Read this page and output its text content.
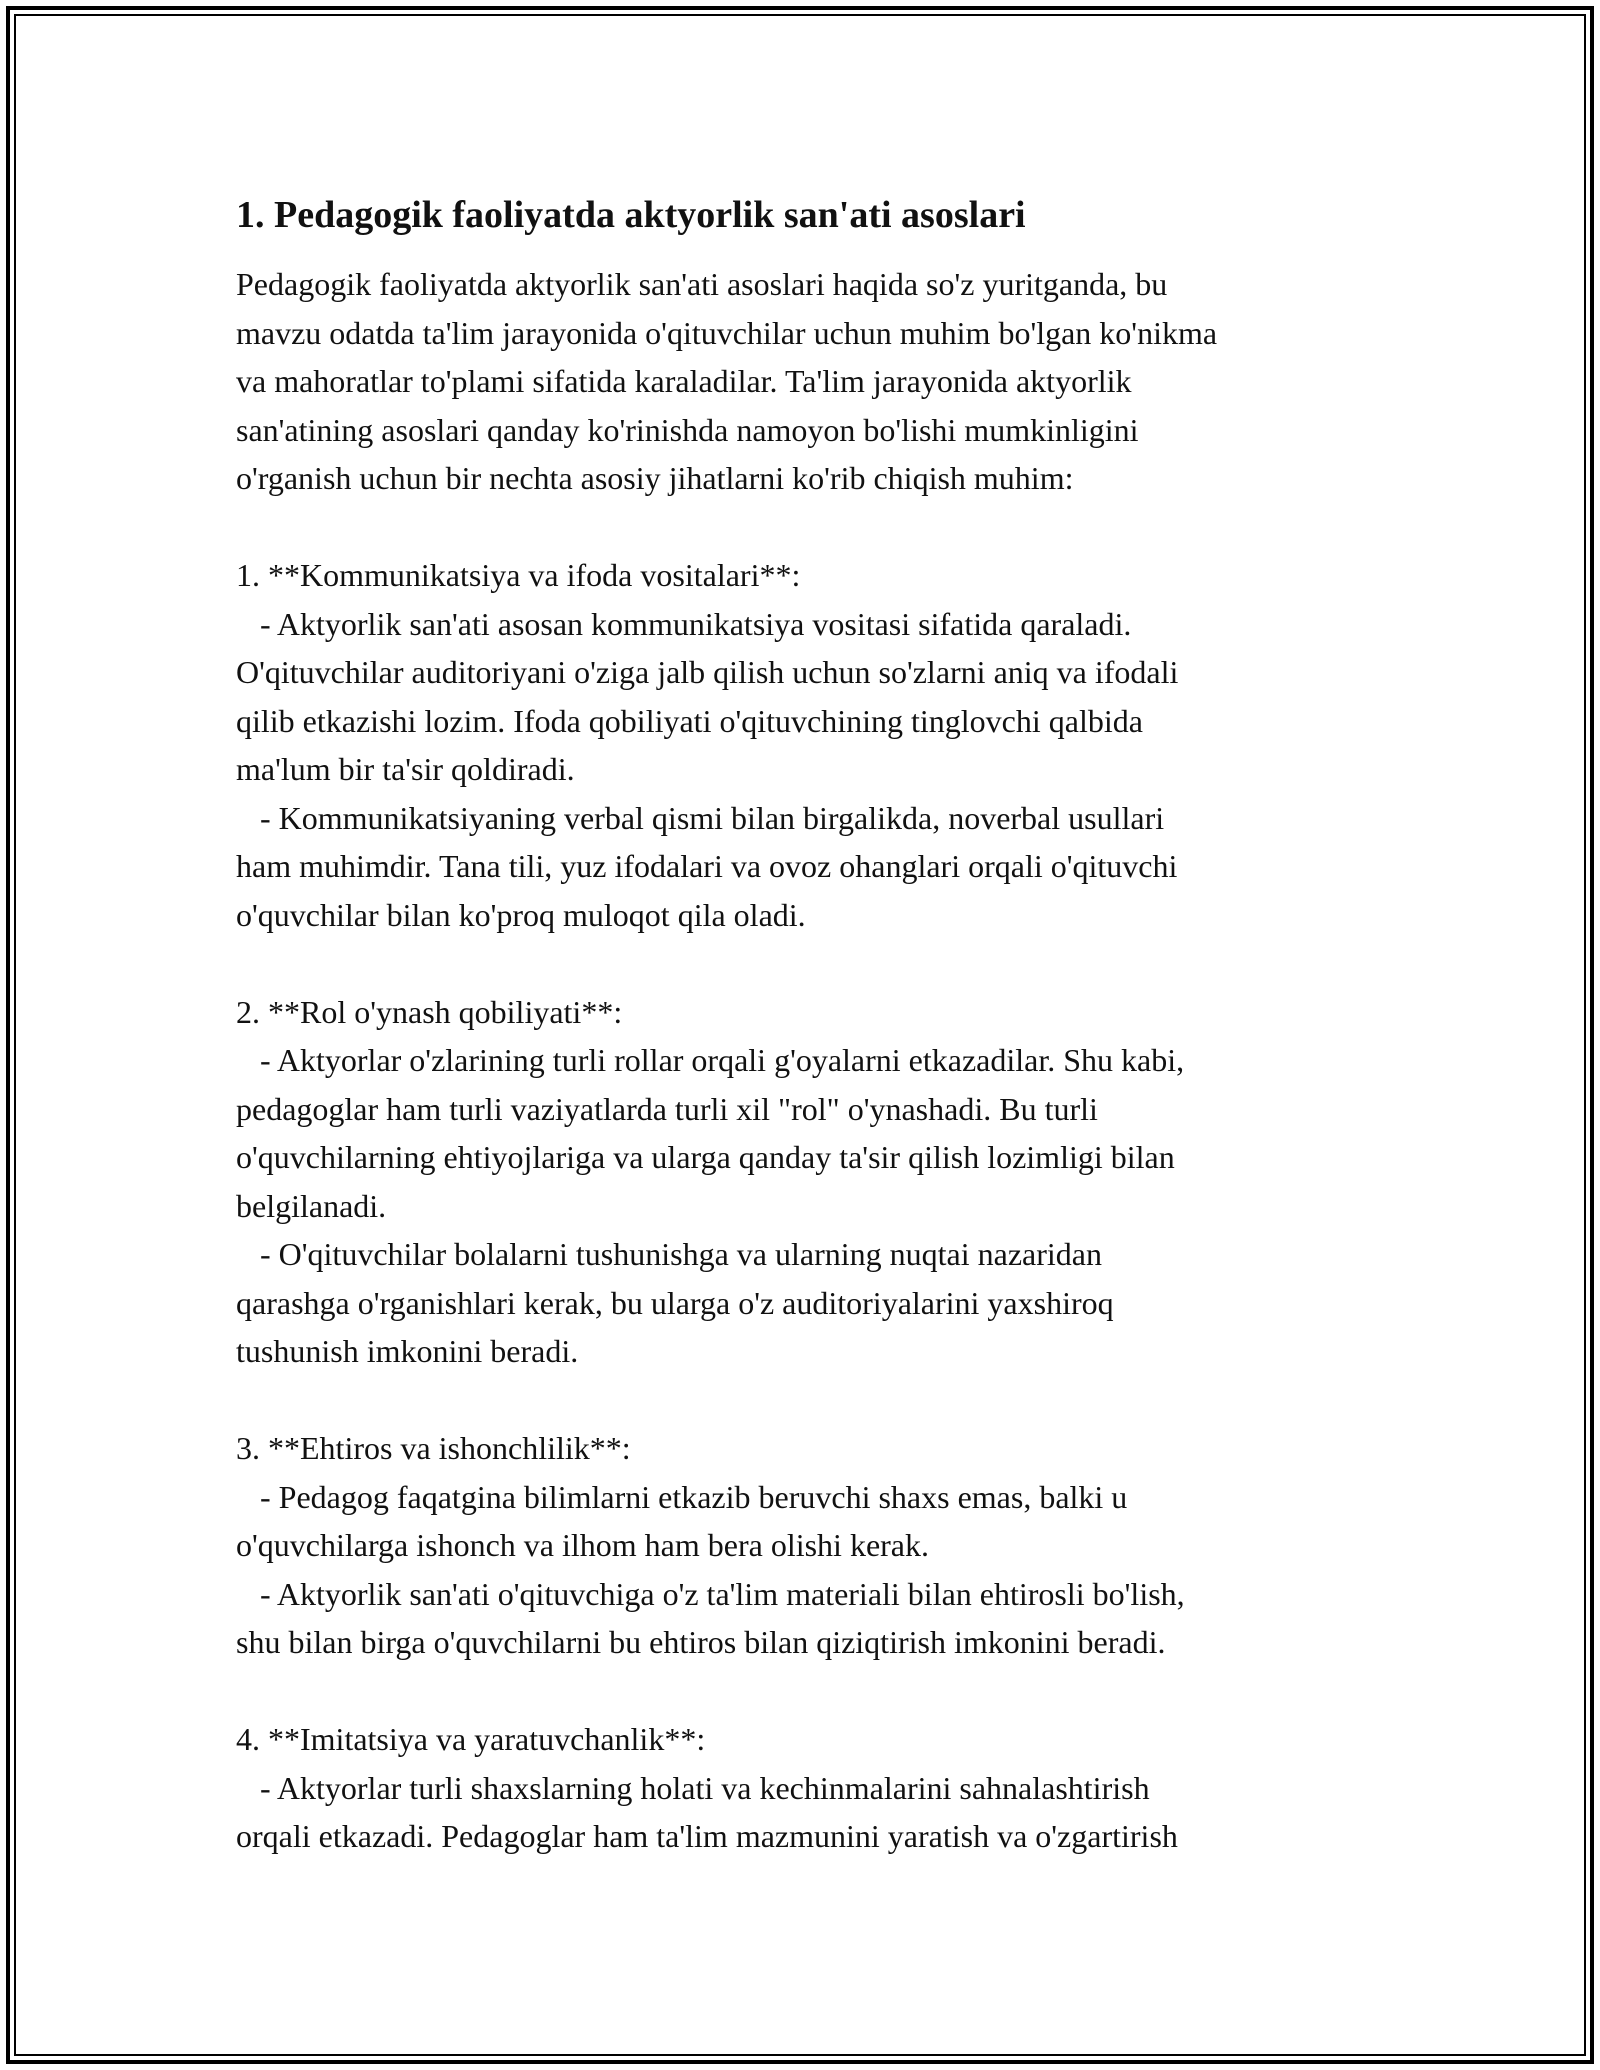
1. Pedagogik faoliyatda aktyorlik san'ati asoslari
Pedagogik faoliyatda aktyorlik san'ati asoslari haqida so'z yuritganda, bu
mavzu odatda ta'lim jarayonida o'qituvchilar uchun muhim bo'lgan ko'nikma
va mahoratlar to'plami sifatida karaladilar. Ta'lim jarayonida aktyorlik
san'atining asoslari qanday ko'rinishda namoyon bo'lishi mumkinligini
o'rganish uchun bir nechta asosiy jihatlarni ko'rib chiqish muhim:

1. **Kommunikatsiya va ifoda vositalari**:
- Aktyorlik san'ati asosan kommunikatsiya vositasi sifatida qaraladi.
O'qituvchilar auditoriyani o'ziga jalb qilish uchun so'zlarni aniq va ifodali
qilib etkazishi lozim. Ifoda qobiliyati o'qituvchining tinglovchi qalbida
ma'lum bir ta'sir qoldiradi.
- Kommunikatsiyaning verbal qismi bilan birgalikda, noverbal usullari
ham muhimdir. Tana tili, yuz ifodalari va ovoz ohanglari orqali o'qituvchi
o'quvchilar bilan ko'proq muloqot qila oladi.

2. **Rol o'ynash qobiliyati**:
- Aktyorlar o'zlarining turli rollar orqali g'oyalarni etkazadilar. Shu kabi,
pedagoglar ham turli vaziyatlarda turli xil "rol" o'ynashadi. Bu turli
o'quvchilarning ehtiyojlariga va ularga qanday ta'sir qilish lozimligi bilan
belgilanadi.
- O'qituvchilar bolalarni tushunishga va ularning nuqtai nazaridan
qarashga o'rganishlari kerak, bu ularga o'z auditoriyalarini yaxshiroq
tushunish imkonini beradi.

3. **Ehtiros va ishonchlilik**:
- Pedagog faqatgina bilimlarni etkazib beruvchi shaxs emas, balki u
o'quvchilarga ishonch va ilhom ham bera olishi kerak.
- Aktyorlik san'ati o'qituvchiga o'z ta'lim materiali bilan ehtirosli bo'lish,
shu bilan birga o'quvchilarni bu ehtiros bilan qiziqtirish imkonini beradi.

4. **Imitatsiya va yaratuvchanlik**:
- Aktyorlar turli shaxslarning holati va kechinmalarini sahnalashtirish
orqali etkazadi. Pedagoglar ham ta'lim mazmunini yaratish va o'zgartirish
